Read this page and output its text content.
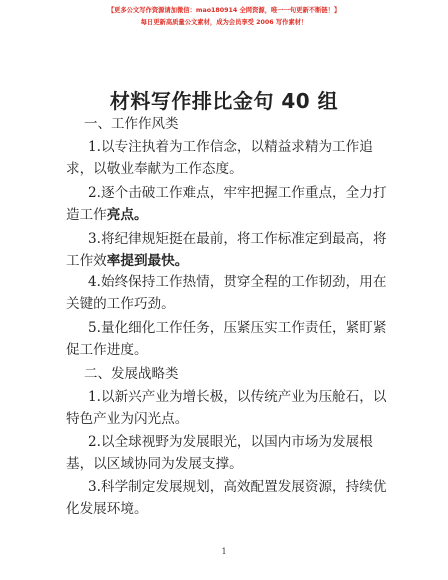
【更多公文写作资源请加微信：mao180914 全网资源，唯一一句更新不断链！】
每日更新高质量公文素材，成为会员享受 2006 写作素材！
材料写作排比金句 40 组
一、工作作风类
1.以专注执着为工作信念，以精益求精为工作追求，以敬业奉献为工作态度。
2.逐个击破工作难点，牢牢把握工作重点，全力打造工作亮点。
3.将纪律规矩挺在最前，将工作标准定到最高，将工作效率提到最快。
4.始终保持工作热情，贯穿全程的工作韧劲，用在关键的工作巧劲。
5.量化细化工作任务，压紧压实工作责任，紧盯紧促工作进度。
二、发展战略类
1.以新兴产业为增长极，以传统产业为压舱石，以特色产业为闪光点。
2.以全球视野为发展眼光，以国内市场为发展根基，以区域协同为发展支撑。
3.科学制定发展规划，高效配置发展资源，持续优化发展环境。
1
